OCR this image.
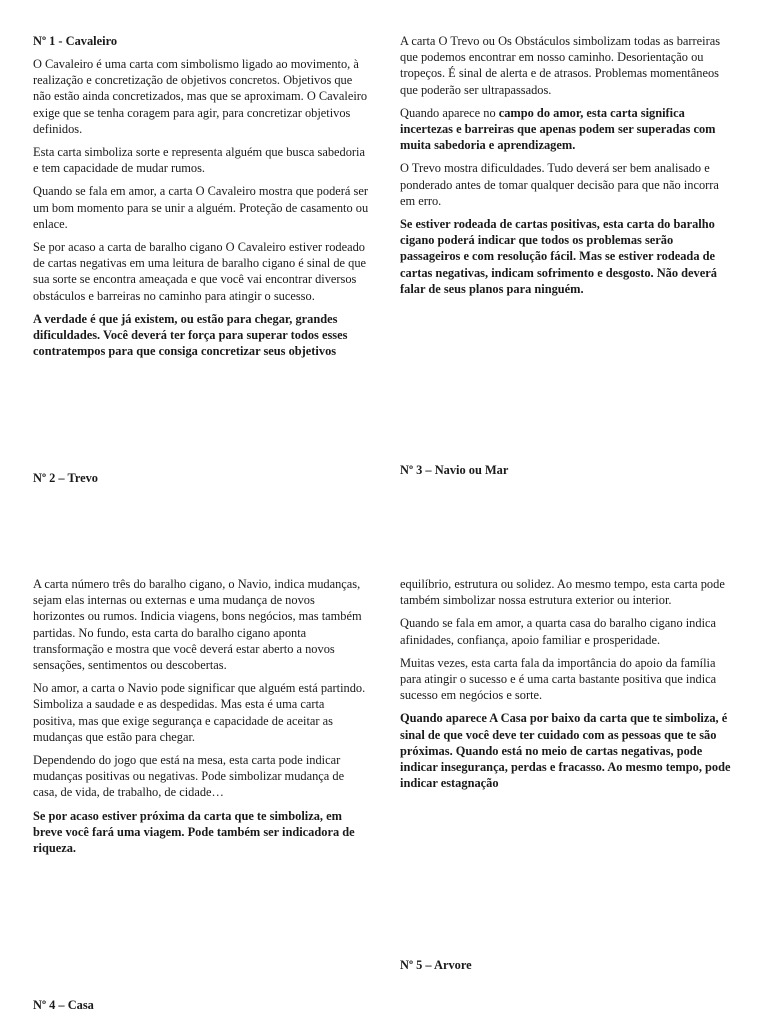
Nº 1 - Cavaleiro

O Cavaleiro é uma carta com simbolismo ligado ao movimento, à realização e concretização de objetivos concretos. Objetivos que não estão ainda concretizados, mas que se aproximam. O Cavaleiro exige que se tenha coragem para agir, para concretizar objetivos definidos.

Esta carta simboliza sorte e representa alguém que busca sabedoria e tem capacidade de mudar rumos.

Quando se fala em amor, a carta O Cavaleiro mostra que poderá ser um bom momento para se unir a alguém. Proteção de casamento ou enlace.

Se por acaso a carta de baralho cigano O Cavaleiro estiver rodeado de cartas negativas em uma leitura de baralho cigano é sinal de que sua sorte se encontra ameaçada e que você vai encontrar diversos obstáculos e barreiras no caminho para atingir o sucesso.

A verdade é que já existem, ou estão para chegar, grandes dificuldades. Você deverá ter força para superar todos esses contratempos para que consiga concretizar seus objetivos

A carta O Trevo ou Os Obstáculos simbolizam todas as barreiras que podemos encontrar em nosso caminho. Desorientação ou tropeços. É sinal de alerta e de atrasos. Problemas momentâneos que poderão ser ultrapassados.

Quando aparece no campo do amor, esta carta significa incertezas e barreiras que apenas podem ser superadas com muita sabedoria e aprendizagem.

O Trevo mostra dificuldades. Tudo deverá ser bem analisado e ponderado antes de tomar qualquer decisão para que não incorra em erro.

Se estiver rodeada de cartas positivas, esta carta do baralho cigano poderá indicar que todos os problemas serão passageiros e com resolução fácil. Mas se estiver rodeada de cartas negativas, indicam sofrimento e desgosto. Não deverá falar de seus planos para ninguém.

Nº 2 – Trevo
Nº 3 – Navio ou Mar

A carta número três do baralho cigano, o Navio, indica mudanças, sejam elas internas ou externas e uma mudança de novos horizontes ou rumos. Indicia viagens, bons negócios, mas também partidas. No fundo, esta carta do baralho cigano aponta transformação e mostra que você deverá estar aberto a novos sensações, sentimentos ou descobertas.

No amor, a carta o Navio pode significar que alguém está partindo. Simboliza a saudade e as despedidas. Mas esta é uma carta positiva, mas que exige segurança e capacidade de aceitar as mudanças que estão para chegar.

Dependendo do jogo que está na mesa, esta carta pode indicar mudanças positivas ou negativas. Pode simbolizar mudança de casa, de vida, de trabalho, de cidade…

Se por acaso estiver próxima da carta que te simboliza, em breve você fará uma viagem. Pode também ser indicadora de riqueza.

equilíbrio, estrutura ou solidez. Ao mesmo tempo, esta carta pode também simbolizar nossa estrutura exterior ou interior.

Quando se fala em amor, a quarta casa do baralho cigano indica afinidades, confiança, apoio familiar e prosperidade.

Muitas vezes, esta carta fala da importância do apoio da família para atingir o sucesso e é uma carta bastante positiva que indica sucesso em negócios e sorte.

Quando aparece A Casa por baixo da carta que te simboliza, é sinal de que você deve ter cuidado com as pessoas que te são próximas. Quando está no meio de cartas negativas, pode indicar insegurança, perdas e fracasso. Ao mesmo tempo, pode indicar estagnação

Nº 5 – Arvore
Nº 4 – Casa
